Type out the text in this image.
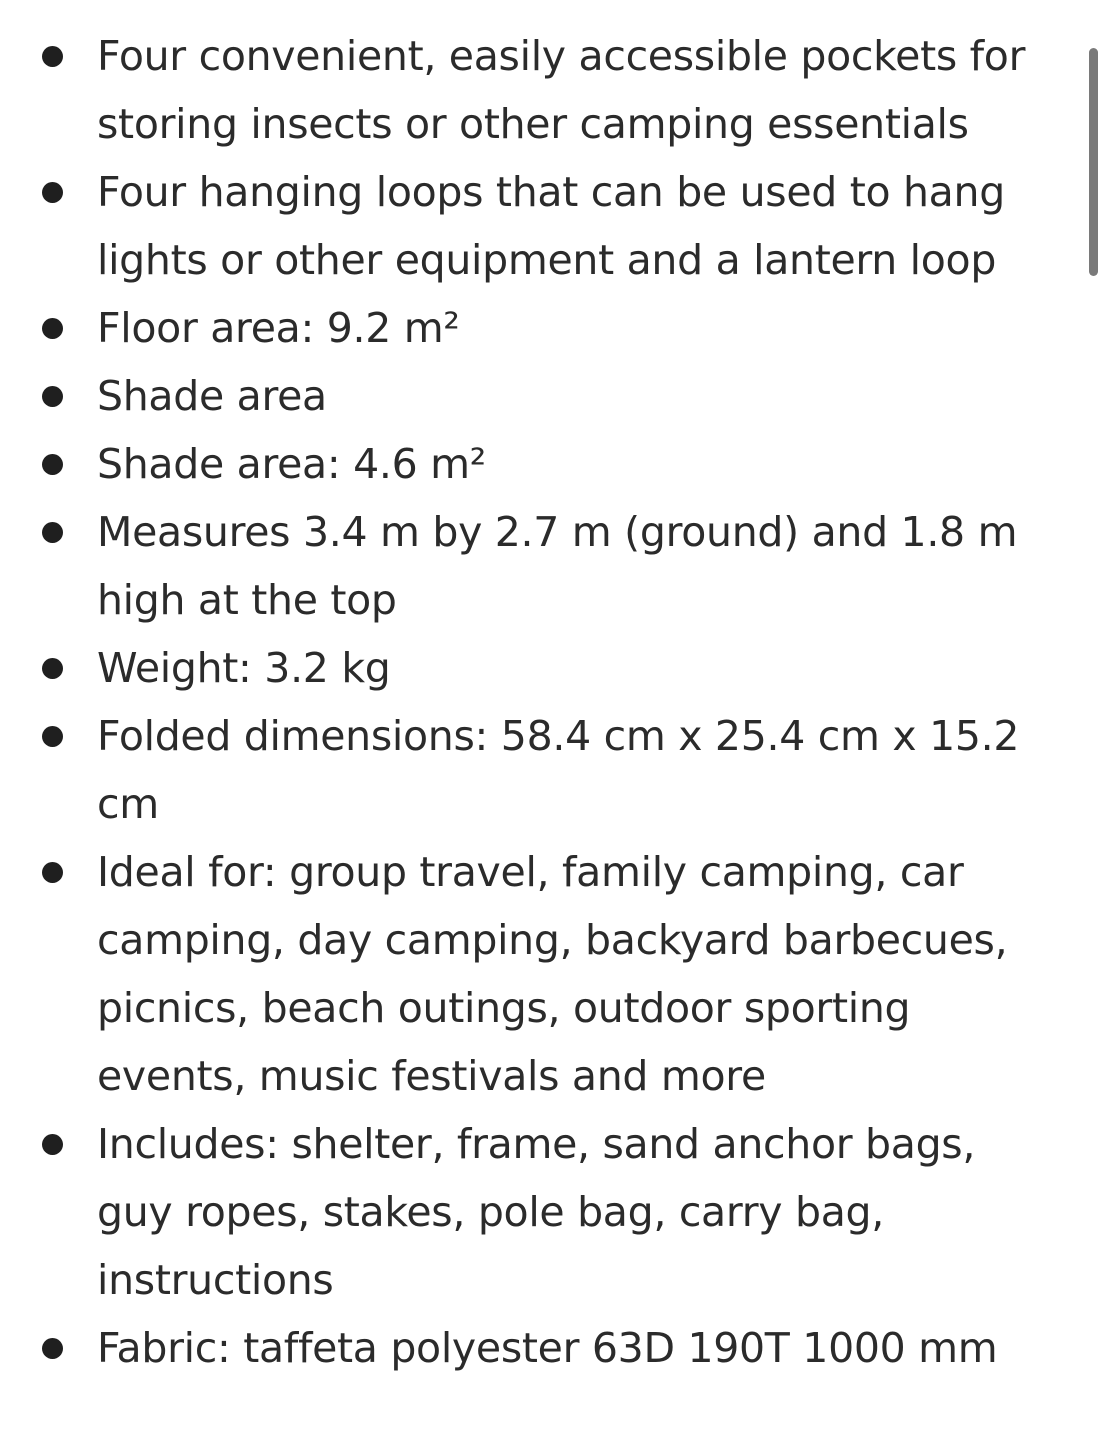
Four convenient, easily accessible pockets for storing insects or other camping essentials
Four hanging loops that can be used to hang lights or other equipment and a lantern loop
Floor area: 9.2 m²
Shade area
Shade area: 4.6 m²
Measures 3.4 m by 2.7 m (ground) and 1.8 m high at the top
Weight: 3.2 kg
Folded dimensions: 58.4 cm x 25.4 cm x 15.2 cm
Ideal for: group travel, family camping, car camping, day camping, backyard barbecues, picnics, beach outings, outdoor sporting events, music festivals and more
Includes: shelter, frame, sand anchor bags, guy ropes, stakes, pole bag, carry bag, instructions
Fabric: taffeta polyester 63D 190T 1000 mm
